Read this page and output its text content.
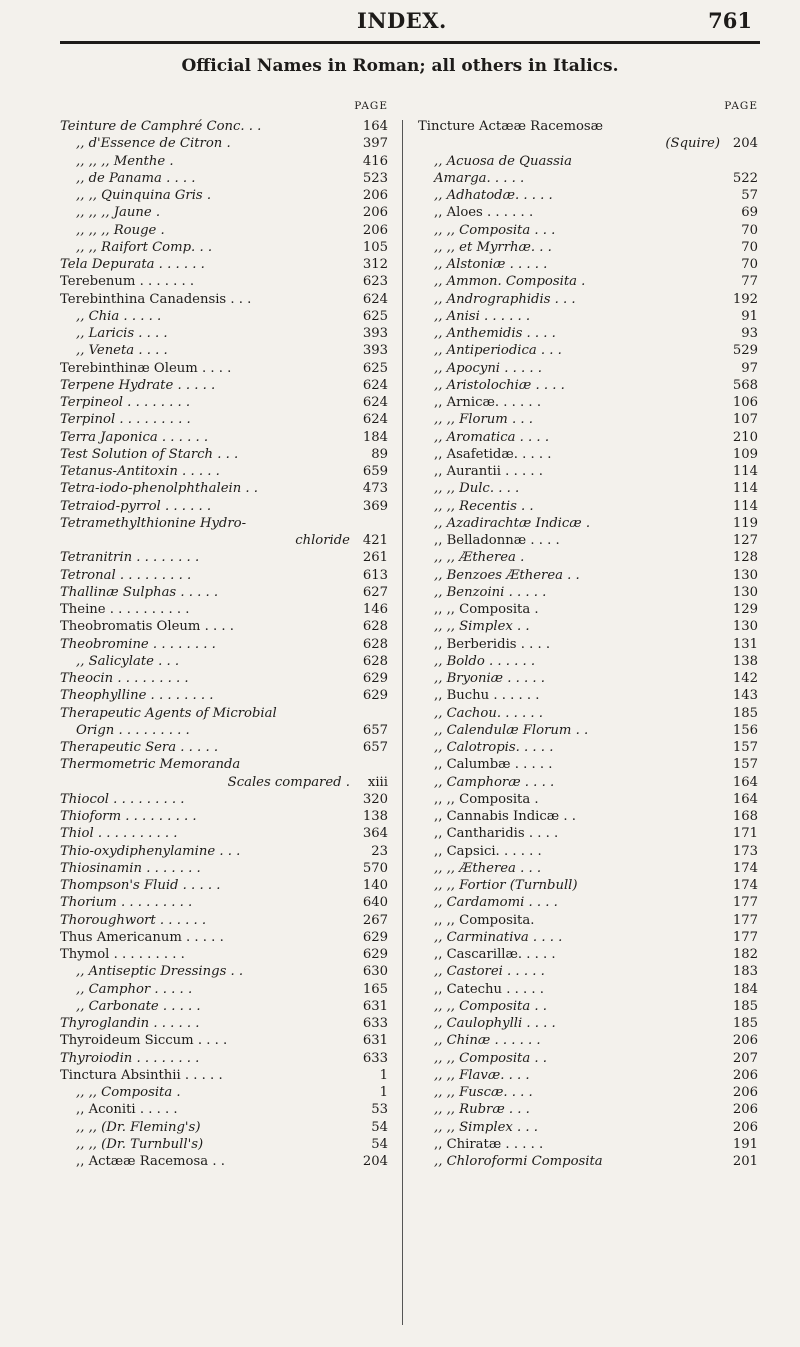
INDEX.	761
Official Names in Roman; all others in Italics.
PAGE
Teinture de Camphré Conc. . .	164
,, d'Essence de Citron .	397
,, ,, ,, Menthe .	416
,, de Panama . . . .	523
,, ,, Quinquina Gris .	206
,, ,, ,, Jaune .	206
,, ,, ,, Rouge .	206
,, ,, Raifort Comp. . .	105
Tela Depurata . . . . . .	312
Terebenum . . . . . . .	623
Terebinthina Canadensis . . .	624
,, Chia . . . . .	625
,, Laricis . . . .	393
,, Veneta . . . .	393
Terebinthinæ Oleum . . . .	625
Terpene Hydrate . . . . .	624
Terpineol . . . . . . . .	624
Terpinol . . . . . . . . .	624
Terra Japonica . . . . . .	184
Test Solution of Starch . . .	89
Tetanus-Antitoxin . . . . .	659
Tetra-iodo-phenolphthalein . .	473
Tetraiod-pyrrol . . . . . .	369
Tetramethylthionine Hydro-
chloride 421
Tetranitrin . . . . . . . .	261
Tetronal . . . . . . . . .	613
Thallinæ Sulphas . . . . .	627
Theine . . . . . . . . . .	146
Theobromatis Oleum . . . .	628
Theobromine . . . . . . . .	628
,, Salicylate . . .	628
Theocin . . . . . . . . .	629
Theophylline . . . . . . . .	629
Therapeutic Agents of Microbial
Orign . . . . . . . . .	657
Therapeutic Sera . . . . .	657
Thermometric Memoranda
Scales compared .	xiii
Thiocol . . . . . . . . .	320
Thioform . . . . . . . . .	138
Thiol . . . . . . . . . .	364
Thio-oxydiphenylamine . . .	23
Thiosinamin . . . . . . .	570
Thompson's Fluid . . . . .	140
Thorium . . . . . . . . .	640
Thoroughwort . . . . . .	267
Thus Americanum . . . . .	629
Thymol . . . . . . . . .	629
,, Antiseptic Dressings . .	630
,, Camphor . . . . .	165
,, Carbonate . . . . .	631
Thyroglandin . . . . . .	633
Thyroideum Siccum . . . .	631
Thyroiodin . . . . . . . .	633
Tinctura Absinthii . . . . .	1
,, ,, Composita .	1
,, Aconiti . . . . .	53
,, ,, (Dr. Fleming's)	54
,, ,, (Dr. Turnbull's)	54
,, Actææ Racemosa . .	204
PAGE
Tincture Actææ Racemosæ
(Squire) 204
,, Acuosa de Quassia
Amarga. . . . .	522
,, Adhatodæ. . . . .	57
,, Aloes . . . . . .	69
,, ,, Composita . . .	70
,, ,, et Myrrhæ. . .	70
,, Alstoniæ . . . . .	70
,, Ammon. Composita .	77
,, Andrographidis . . .	192
,, Anisi . . . . . .	91
,, Anthemidis . . . .	93
,, Antiperiodica . . .	529
,, Apocyni . . . . .	97
,, Aristolochiæ . . . .	568
,, Arnicæ. . . . . .	106
,, ,, Florum . . .	107
,, Aromatica . . . .	210
,, Asafetidæ. . . . .	109
,, Aurantii . . . . .	114
,, ,, Dulc. . . .	114
,, ,, Recentis . .	114
,, Azadirachtæ Indicæ .	119
,, Belladonnæ . . . .	127
,, ,, Ætherea .	128
,, Benzoes Ætherea . .	130
,, Benzoini . . . . .	130
,, ,, Composita .	129
,, ,, Simplex . .	130
,, Berberidis . . . .	131
,, Boldo . . . . . .	138
,, Bryoniæ . . . . .	142
,, Buchu . . . . . .	143
,, Cachou. . . . . .	185
,, Calendulæ Florum . .	156
,, Calotropis. . . . .	157
,, Calumbæ . . . . .	157
,, Camphoræ . . . .	164
,, ,, Composita .	164
,, Cannabis Indicæ . .	168
,, Cantharidis . . . .	171
,, Capsici. . . . . .	173
,, ,, Ætherea . . .	174
,, ,, Fortior (Turnbull)	174
,, Cardamomi . . . .	177
,, ,, Composita.	177
,, Carminativa . . . .	177
,, Cascarillæ. . . . .	182
,, Castorei . . . . .	183
,, Catechu . . . . .	184
,, ,, Composita . .	185
,, Caulophylli . . . .	185
,, Chinæ . . . . . .	206
,, ,, Composita . .	207
,, ,, Flavæ. . . .	206
,, ,, Fuscæ. . . .	206
,, ,, Rubræ . . .	206
,, ,, Simplex . . .	206
,, Chiratæ . . . . .	191
,, Chloroformi Composita	201
